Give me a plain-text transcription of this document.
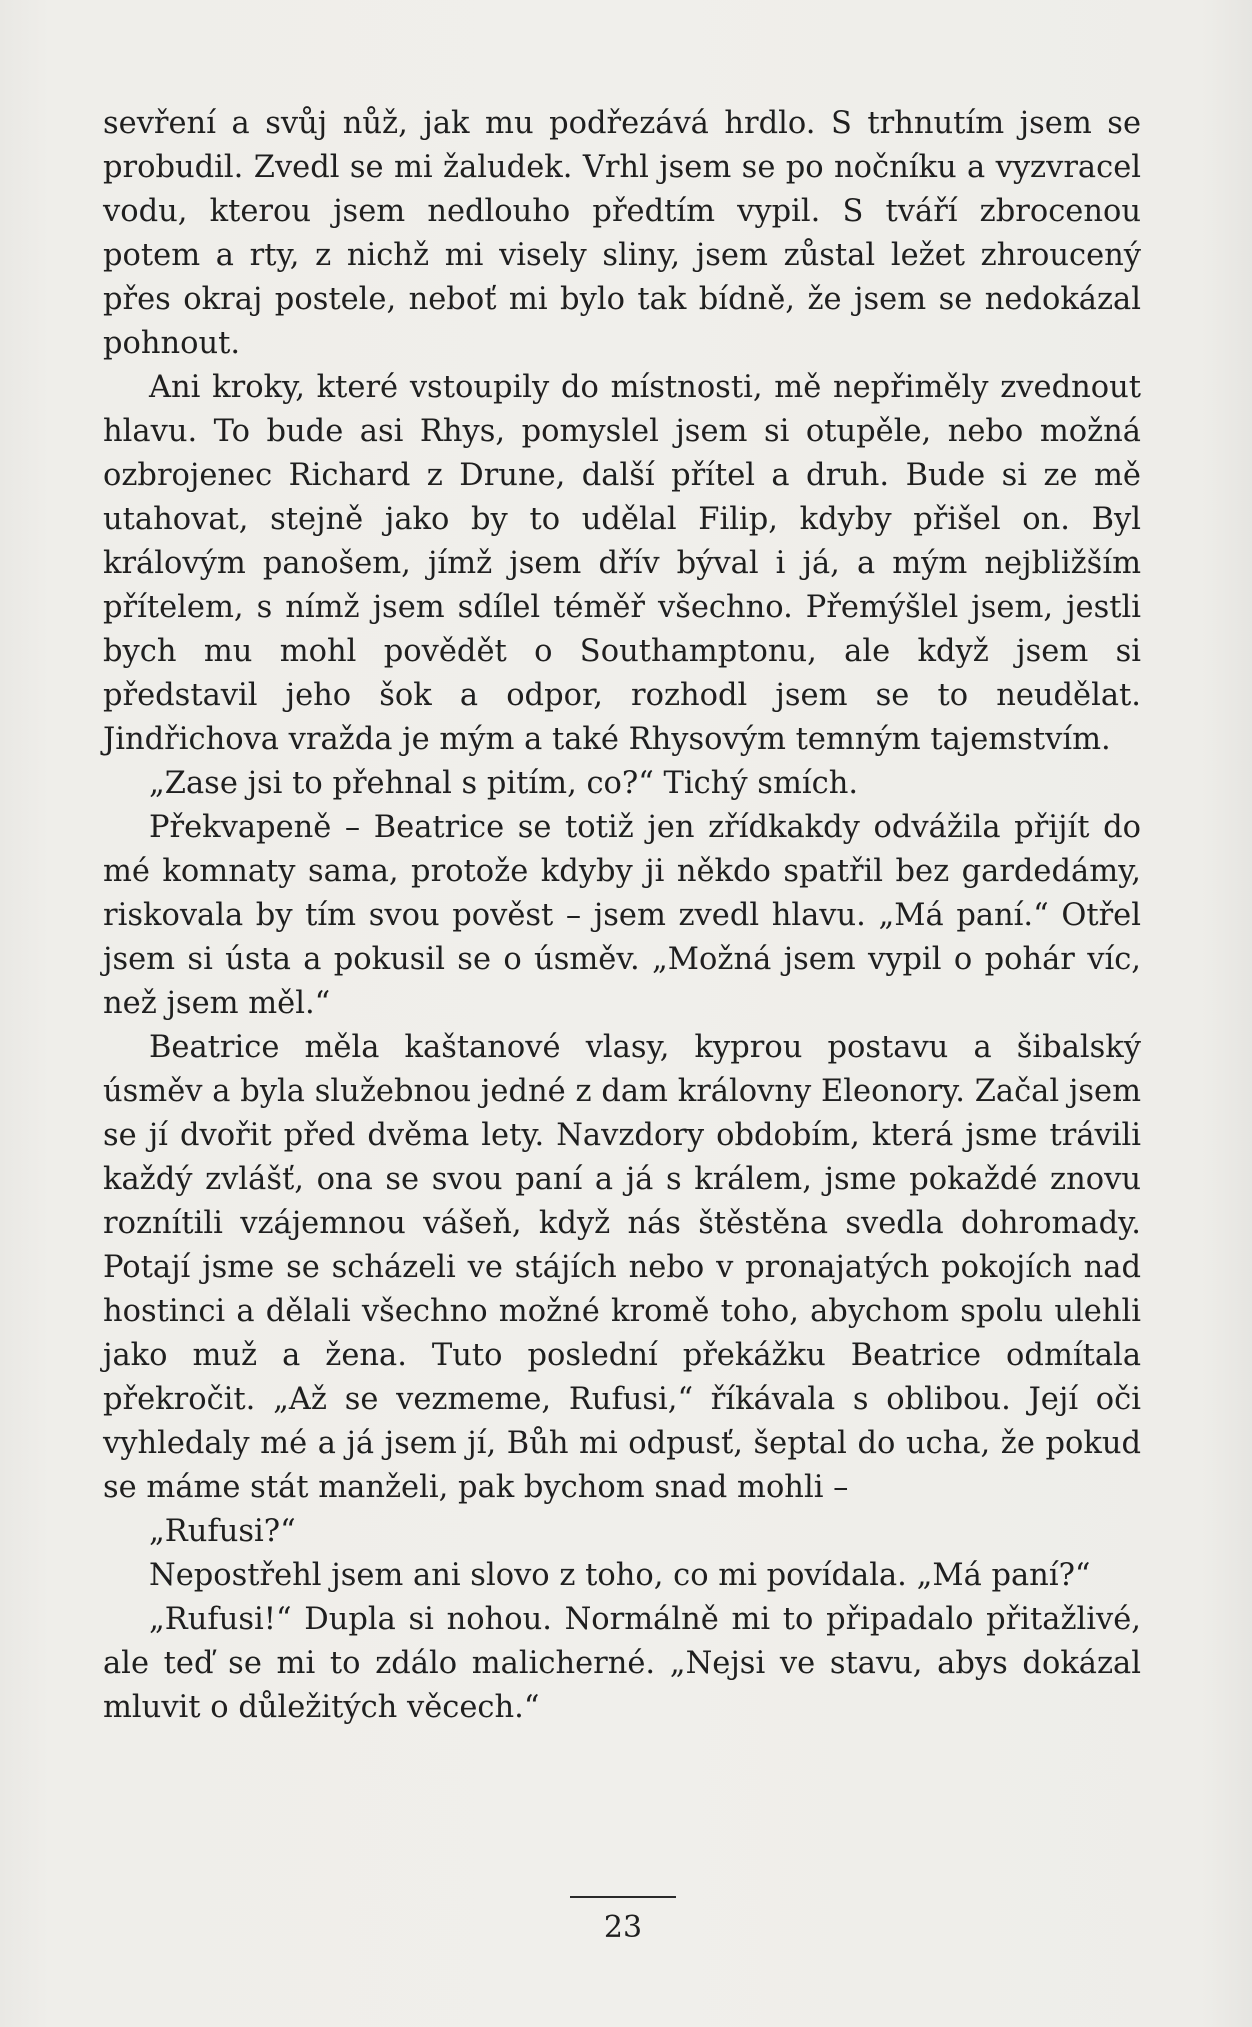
sevření a svůj nůž, jak mu podřezává hrdlo. S trhnutím jsem se probudil. Zvedl se mi žaludek. Vrhl jsem se po nočníku a vyzvracel vodu, kterou jsem nedlouho předtím vypil. S tváří zbrocenou potem a rty, z nichž mi visely sliny, jsem zůstal ležet zhroucený přes okraj postele, neboť mi bylo tak bídně, že jsem se nedokázal pohnout.

Ani kroky, které vstoupily do místnosti, mě nepřiměly zvednout hlavu. To bude asi Rhys, pomyslel jsem si otupěle, nebo možná ozbrojenec Richard z Drune, další přítel a druh. Bude si ze mě utahovat, stejně jako by to udělal Filip, kdyby přišel on. Byl královým panošem, jímž jsem dřív býval i já, a mým nejbližším přítelem, s nímž jsem sdílel téměř všechno. Přemýšlel jsem, jestli bych mu mohl povědět o Southamptonu, ale když jsem si představil jeho šok a odpor, rozhodl jsem se to neudělat. Jindřichova vražda je mým a také Rhysovým temným tajemstvím.

„Zase jsi to přehnal s pitím, co?“ Tichý smích.

Překvapeně – Beatrice se totiž jen zřídkakdy odvážila přijít do mé komnaty sama, protože kdyby ji někdo spatřil bez gardedámy, riskovala by tím svou pověst – jsem zvedl hlavu. „Má paní.“ Otřel jsem si ústa a pokusil se o úsměv. „Možná jsem vypil o pohár víc, než jsem měl.“

Beatrice měla kaštanové vlasy, kyprou postavu a šibalský úsměv a byla služebnou jedné z dam královny Eleonory. Začal jsem se jí dvořit před dvěma lety. Navzdory obdobím, která jsme trávili každý zvlášť, ona se svou paní a já s králem, jsme pokaždé znovu roznítili vzájemnou vášeň, když nás štěstěna svedla dohromady. Potají jsme se scházeli ve stájích nebo v pronajatých pokojích nad hostinci a dělali všechno možné kromě toho, abychom spolu ulehli jako muž a žena. Tuto poslední překážku Beatrice odmítala překročit. „Až se vezmeme, Rufusi,“ říkávala s oblibou. Její oči vyhledaly mé a já jsem jí, Bůh mi odpusť, šeptal do ucha, že pokud se máme stát manželi, pak bychom snad mohli –

„Rufusi?“

Nepostřehl jsem ani slovo z toho, co mi povídala. „Má paní?“

„Rufusi!“ Dupla si nohou. Normálně mi to připadalo přitažlivé, ale teď se mi to zdálo malicherné. „Nejsi ve stavu, abys dokázal mluvit o důležitých věcech.“

23
